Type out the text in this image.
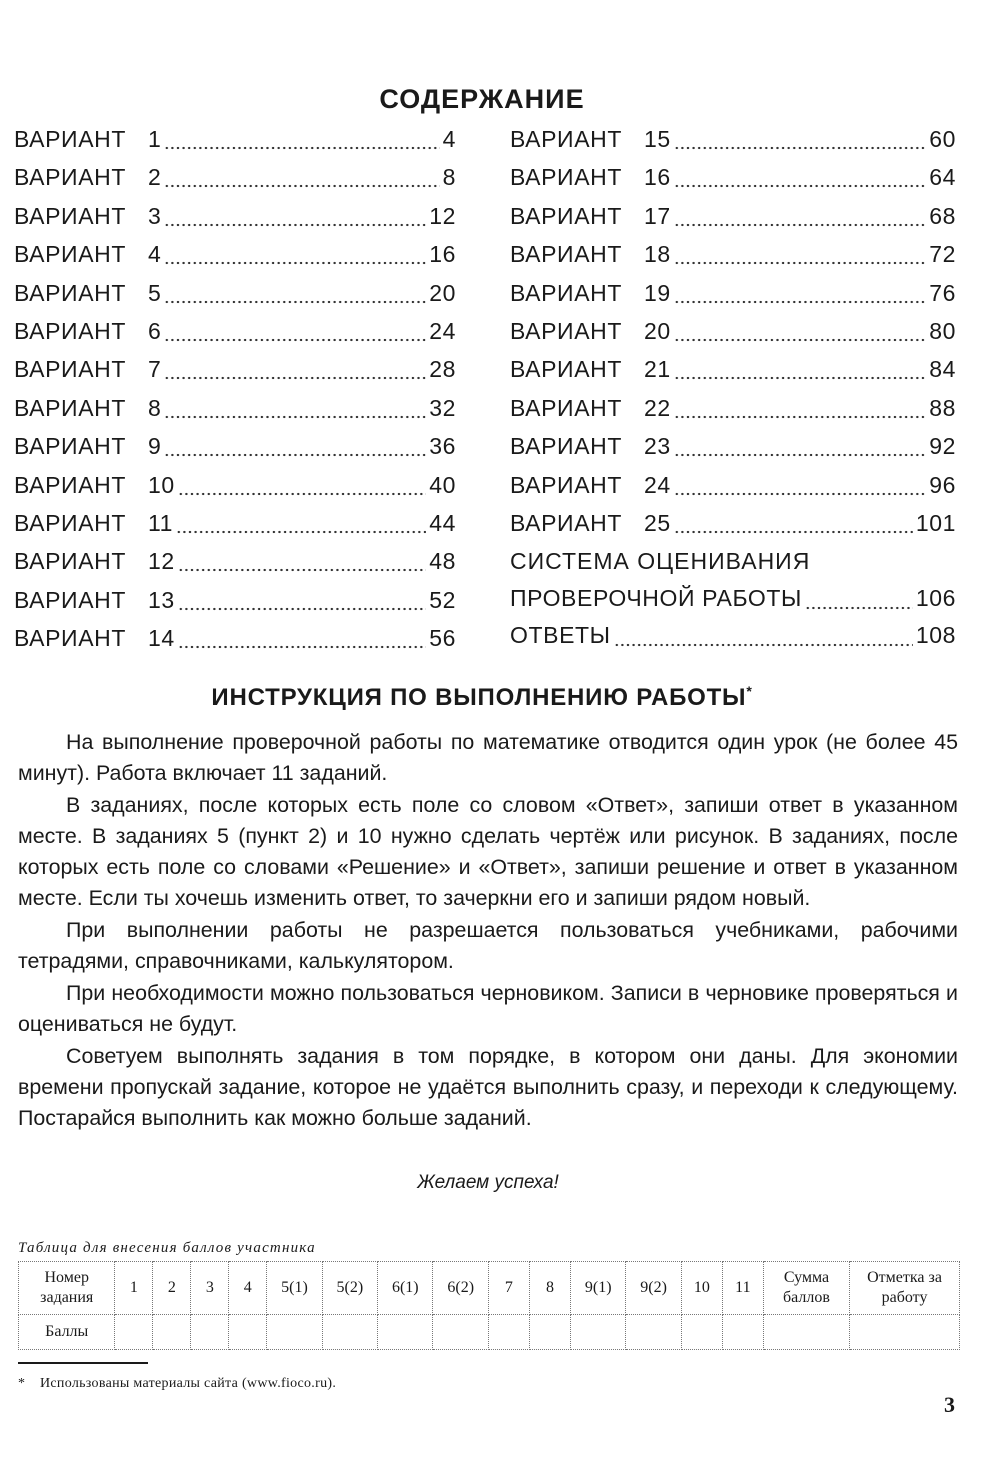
СОДЕРЖАНИЕ
ВАРИАНТ 1	4
ВАРИАНТ 2	8
ВАРИАНТ 3	12
ВАРИАНТ 4	16
ВАРИАНТ 5	20
ВАРИАНТ 6	24
ВАРИАНТ 7	28
ВАРИАНТ 8	32
ВАРИАНТ 9	36
ВАРИАНТ 10	40
ВАРИАНТ 11	44
ВАРИАНТ 12	48
ВАРИАНТ 13	52
ВАРИАНТ 14	56
ВАРИАНТ 15	60
ВАРИАНТ 16	64
ВАРИАНТ 17	68
ВАРИАНТ 18	72
ВАРИАНТ 19	76
ВАРИАНТ 20	80
ВАРИАНТ 21	84
ВАРИАНТ 22	88
ВАРИАНТ 23	92
ВАРИАНТ 24	96
ВАРИАНТ 25	101
СИСТЕМА ОЦЕНИВАНИЯ
ПРОВЕРОЧНОЙ РАБОТЫ	106
ОТВЕТЫ	108
ИНСТРУКЦИЯ ПО ВЫПОЛНЕНИЮ РАБОТЫ*

На выполнение проверочной работы по математике отводится один урок (не более 45 минут). Работа включает 11 заданий.

В заданиях, после которых есть поле со словом «Ответ», запиши ответ в указанном месте. В заданиях 5 (пункт 2) и 10 нужно сделать чертёж или рисунок. В заданиях, после которых есть поле со словами «Решение» и «Ответ», запиши решение и ответ в указанном месте. Если ты хочешь изменить ответ, то зачеркни его и запиши рядом новый.

При выполнении работы не разрешается пользоваться учебниками, рабочими тетрадями, справочниками, калькулятором.

При необходимости можно пользоваться черновиком. Записи в черновике проверяться и оцениваться не будут.

Советуем выполнять задания в том порядке, в котором они даны. Для экономии времени пропускай задание, которое не удаётся выполнить сразу, и переходи к следующему. Постарайся выполнить как можно больше заданий.

Желаем успеха!
Таблица для внесения баллов участника
Номер задания	1	2	3	4	5(1)	5(2)	6(1)	6(2)	7	8	9(1)	9(2)	10	11	Сумма баллов	Отметка за работу
Баллы																
* Использованы материалы сайта (www.fioco.ru).
3
